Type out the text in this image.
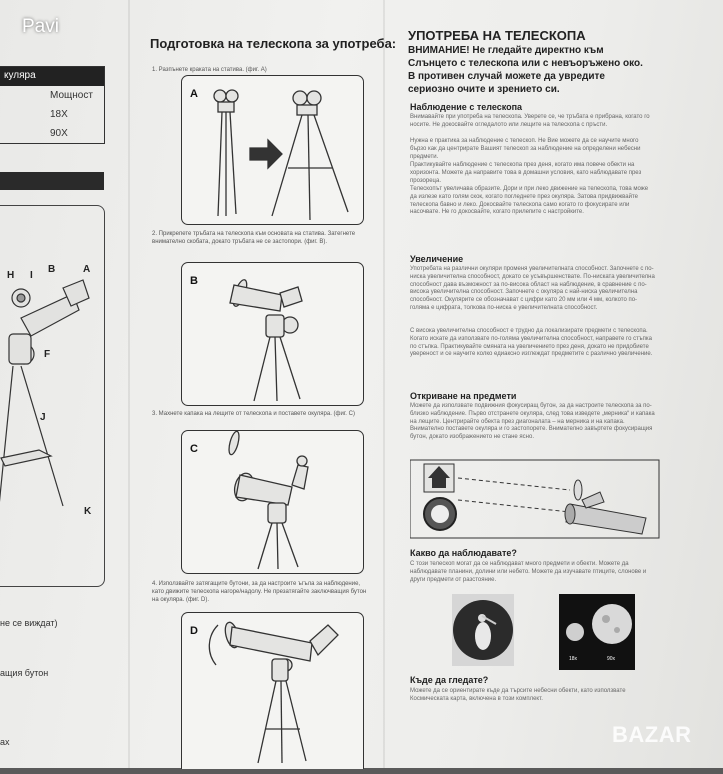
куляра
Мощност
18X
90X
H I
B	A
F
J
K
не се виждат)
ащия бутон
ах
Подготовка на телескопа за употреба:
1. Разпънете краката на статива. (фиг. A)
A
2. Прикрепете тръбата на телескопа към основата на статива. Затегнете внимателно скобата, докато тръбата не се застопори. (фиг. B).
B
3. Махнете капака на лещите от телескопа и поставете окуляра. (фиг. C)
C
4. Използвайте затягащите бутони, за да настроите ъгъла за наблюдение, като движите телескопа нагоре/надолу. Не презатягайте заключващия бутон на окуляра. (фиг. D).
D
УПОТРЕБА НА ТЕЛЕСКОПА
ВНИМАНИЕ! Не гледайте директно към Слънцето с телескопа или с невъоръжено око. В противен случай можете да увредите сериозно очите и зрението си.
Наблюдение с телескопа
Внимавайте при употреба на телескопа. Уверете се, че тръбата е прибрана, когато го носите. Не докосвайте огледалото или лещите на телескопа с пръсти.
Нужна е практика за наблюдение с телескоп. Не Вие можете да се научите много бързо как да центрирате Вашият телескоп за наблюдение на определени небесни предмети.
Практикувайте наблюдение с телескопа през деня, когато има повече обекти на хоризонта. Можете да направите това в домашни условия, като наблюдавате през прозореца.
Телескопът увеличава образите. Дори и при леко движение на телескопа, това може да излезе като голям скок, когато погледнете през окуляра. Затова придвижвайте телескопа бавно и леко. Докосвайте телескопа само когато го фокусирате или насочвате. Не го докосвайте, когато прилепите с настройките.
Увеличение
Употребата на различни окуляри променя увеличителната способност. Започнете с по-ниска увеличителна способност, докато се усъвършенствате. По-ниската увеличителна способност дава възможност за по-висока област на наблюдение, в сравнение с по-висока увеличителна способност. Започнете с окуляра с най-ниска увеличителна способност. Окулярите се обозначават с цифри като 20 мм или 4 мм, колкото по-голяма е цифрата, толкова по-ниска е увеличителната способност.
С висока увеличителна способност е трудно да локализирате предмети с телескопа. Когато искате да използвате по-голяма увеличителна способност, направете го стъпка по стъпка. Практикувайте смяната на увеличението през деня, докато не придобиете увереност и се научите колко едиаксно изглеждат предметите с различно увеличение.
Откриване на предмети
Можете да използвате подвижния фокусиращ бутон, за да настроите телескопа за по-близко наблюдение. Първо отстранете окуляра, след това изведете „мерника“ и капака на лещите. Центрирайте обекта през диагоналата – на мерника и на капака. Внимателно поставете окуляра и го застопорете. Внимателно завъртете фокусиращия бутон, докато изображението не стане ясно.
Какво да наблюдавате?
С този телескоп могат да се наблюдават много предмети и обекти. Можете да наблюдавате планини, долини или небето. Можете да изучавате птиците, слонове и други предмети от разстояние.
18x	90x
Къде да гледате?
Можете да се ориентирате къде да търсите небесни обекти, като използвате Космическата карта, включена в този комплект.
Pavi
BAZAR
